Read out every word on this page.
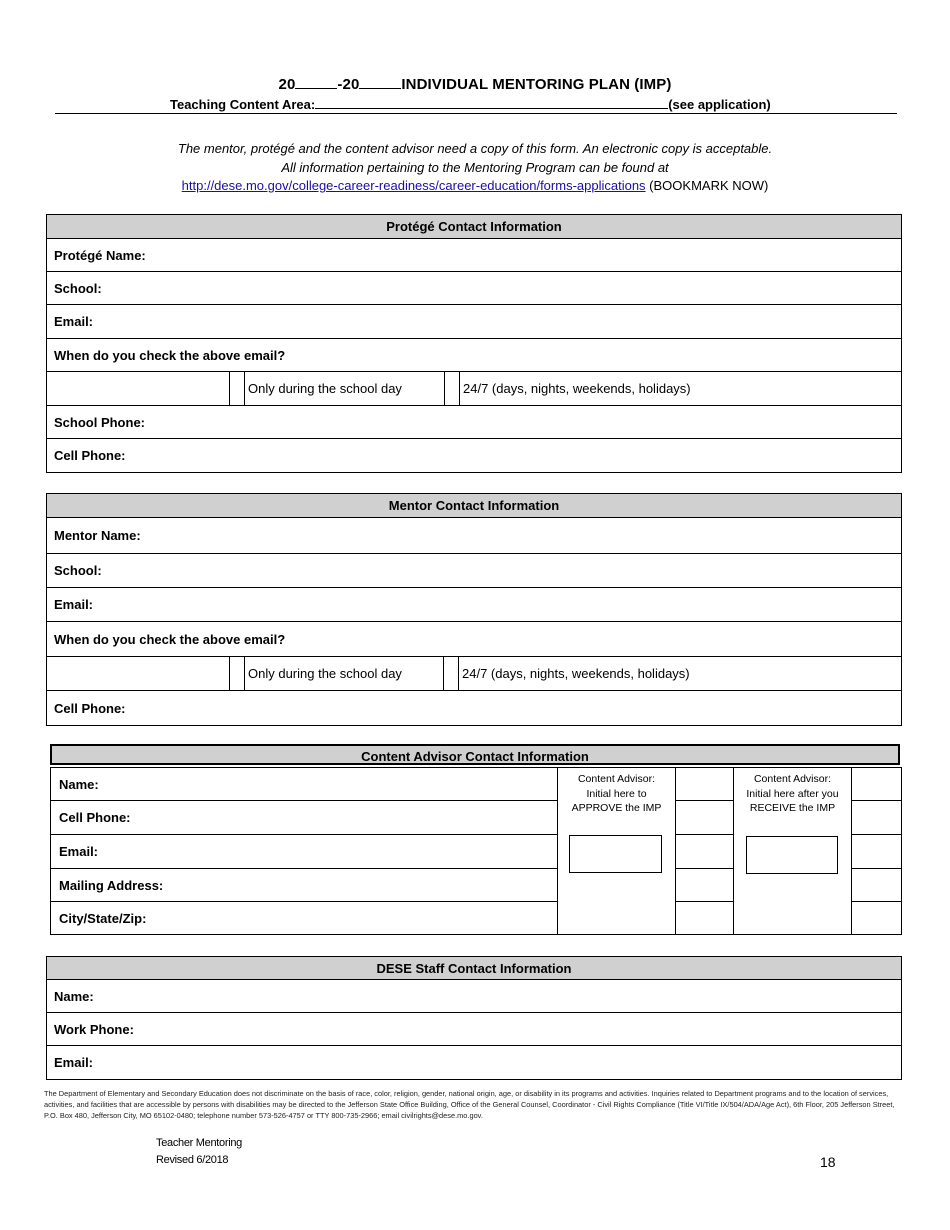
20	-20	INDIVIDUAL MENTORING PLAN (IMP)
Teaching Content Area:	(see application)
The mentor, protégé and the content advisor need a copy of this form. An electronic copy is acceptable.
All information pertaining to the Mentoring Program can be found at
http://dese.mo.gov/college-career-readiness/career-education/forms-applications (BOOKMARK NOW)
Protégé Contact Information
Protégé Name:
School:
Email:
When do you check the above email?
		Only during the school day		24/7 (days, nights, weekends, holidays)
School Phone:
Cell Phone:
Mentor Contact Information
Mentor Name:
School:
Email:
When do you check the above email?
		Only during the school day		24/7 (days, nights, weekends, holidays)
Cell Phone:
Content Advisor Contact Information
Name:
Cell Phone:
Email:
Mailing Address:
City/State/Zip:
Content Advisor: Initial here to APPROVE the IMP
Content Advisor: Initial here after you RECEIVE the IMP
DESE Staff Contact Information
Name:
Work Phone:
Email:
The Department of Elementary and Secondary Education does not discriminate on the basis of race, color, religion, gender, national origin, age, or disability in its programs and activities. Inquiries related to Department programs and to the location of services, activities, and facilities that are accessible by persons with disabilities may be directed to the Jefferson State Office Building, Office of the General Counsel, Coordinator - Civil Rights Compliance (Title VI/Title IX/504/ADA/Age Act), 6th Floor, 205 Jefferson Street, P.O. Box 480, Jefferson City, MO 65102-0480; telephone number 573-526-4757 or TTY 800-735-2966; email civilrights@dese.mo.gov.
Teacher Mentoring
Revised 6/2018	18
